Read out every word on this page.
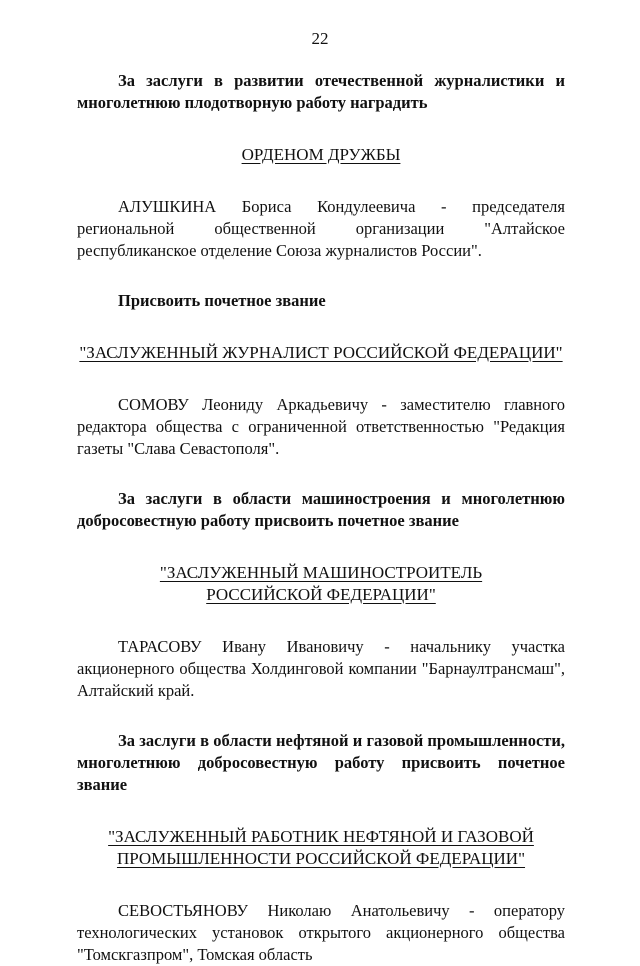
22

За заслуги в развитии отечественной журналистики и многолетнюю плодотворную работу наградить

ОРДЕНОМ ДРУЖБЫ

АЛУШКИНА Бориса Кондулеевича - председателя региональной общественной организации "Алтайское республиканское отделение Союза журналистов России".

Присвоить почетное звание

"ЗАСЛУЖЕННЫЙ ЖУРНАЛИСТ РОССИЙСКОЙ ФЕДЕРАЦИИ"

СОМОВУ Леониду Аркадьевичу - заместителю главного редактора общества с ограниченной ответственностью "Редакция газеты "Слава Севастополя".

За заслуги в области машиностроения и многолетнюю добросовестную работу присвоить почетное звание

"ЗАСЛУЖЕННЫЙ МАШИНОСТРОИТЕЛЬ

РОССИЙСКОЙ ФЕДЕРАЦИИ"

ТАРАСОВУ Ивану Ивановичу - начальнику участка акционерного общества Холдинговой компании "Барнаултрансмаш", Алтайский край.

За заслуги в области нефтяной и газовой промышленности, многолетнюю добросовестную работу присвоить почетное звание

"ЗАСЛУЖЕННЫЙ РАБОТНИК НЕФТЯНОЙ И ГАЗОВОЙ

ПРОМЫШЛЕННОСТИ РОССИЙСКОЙ ФЕДЕРАЦИИ"

СЕВОСТЬЯНОВУ Николаю Анатольевичу - оператору технологических установок открытого акционерного общества "Томскгазпром", Томская область
